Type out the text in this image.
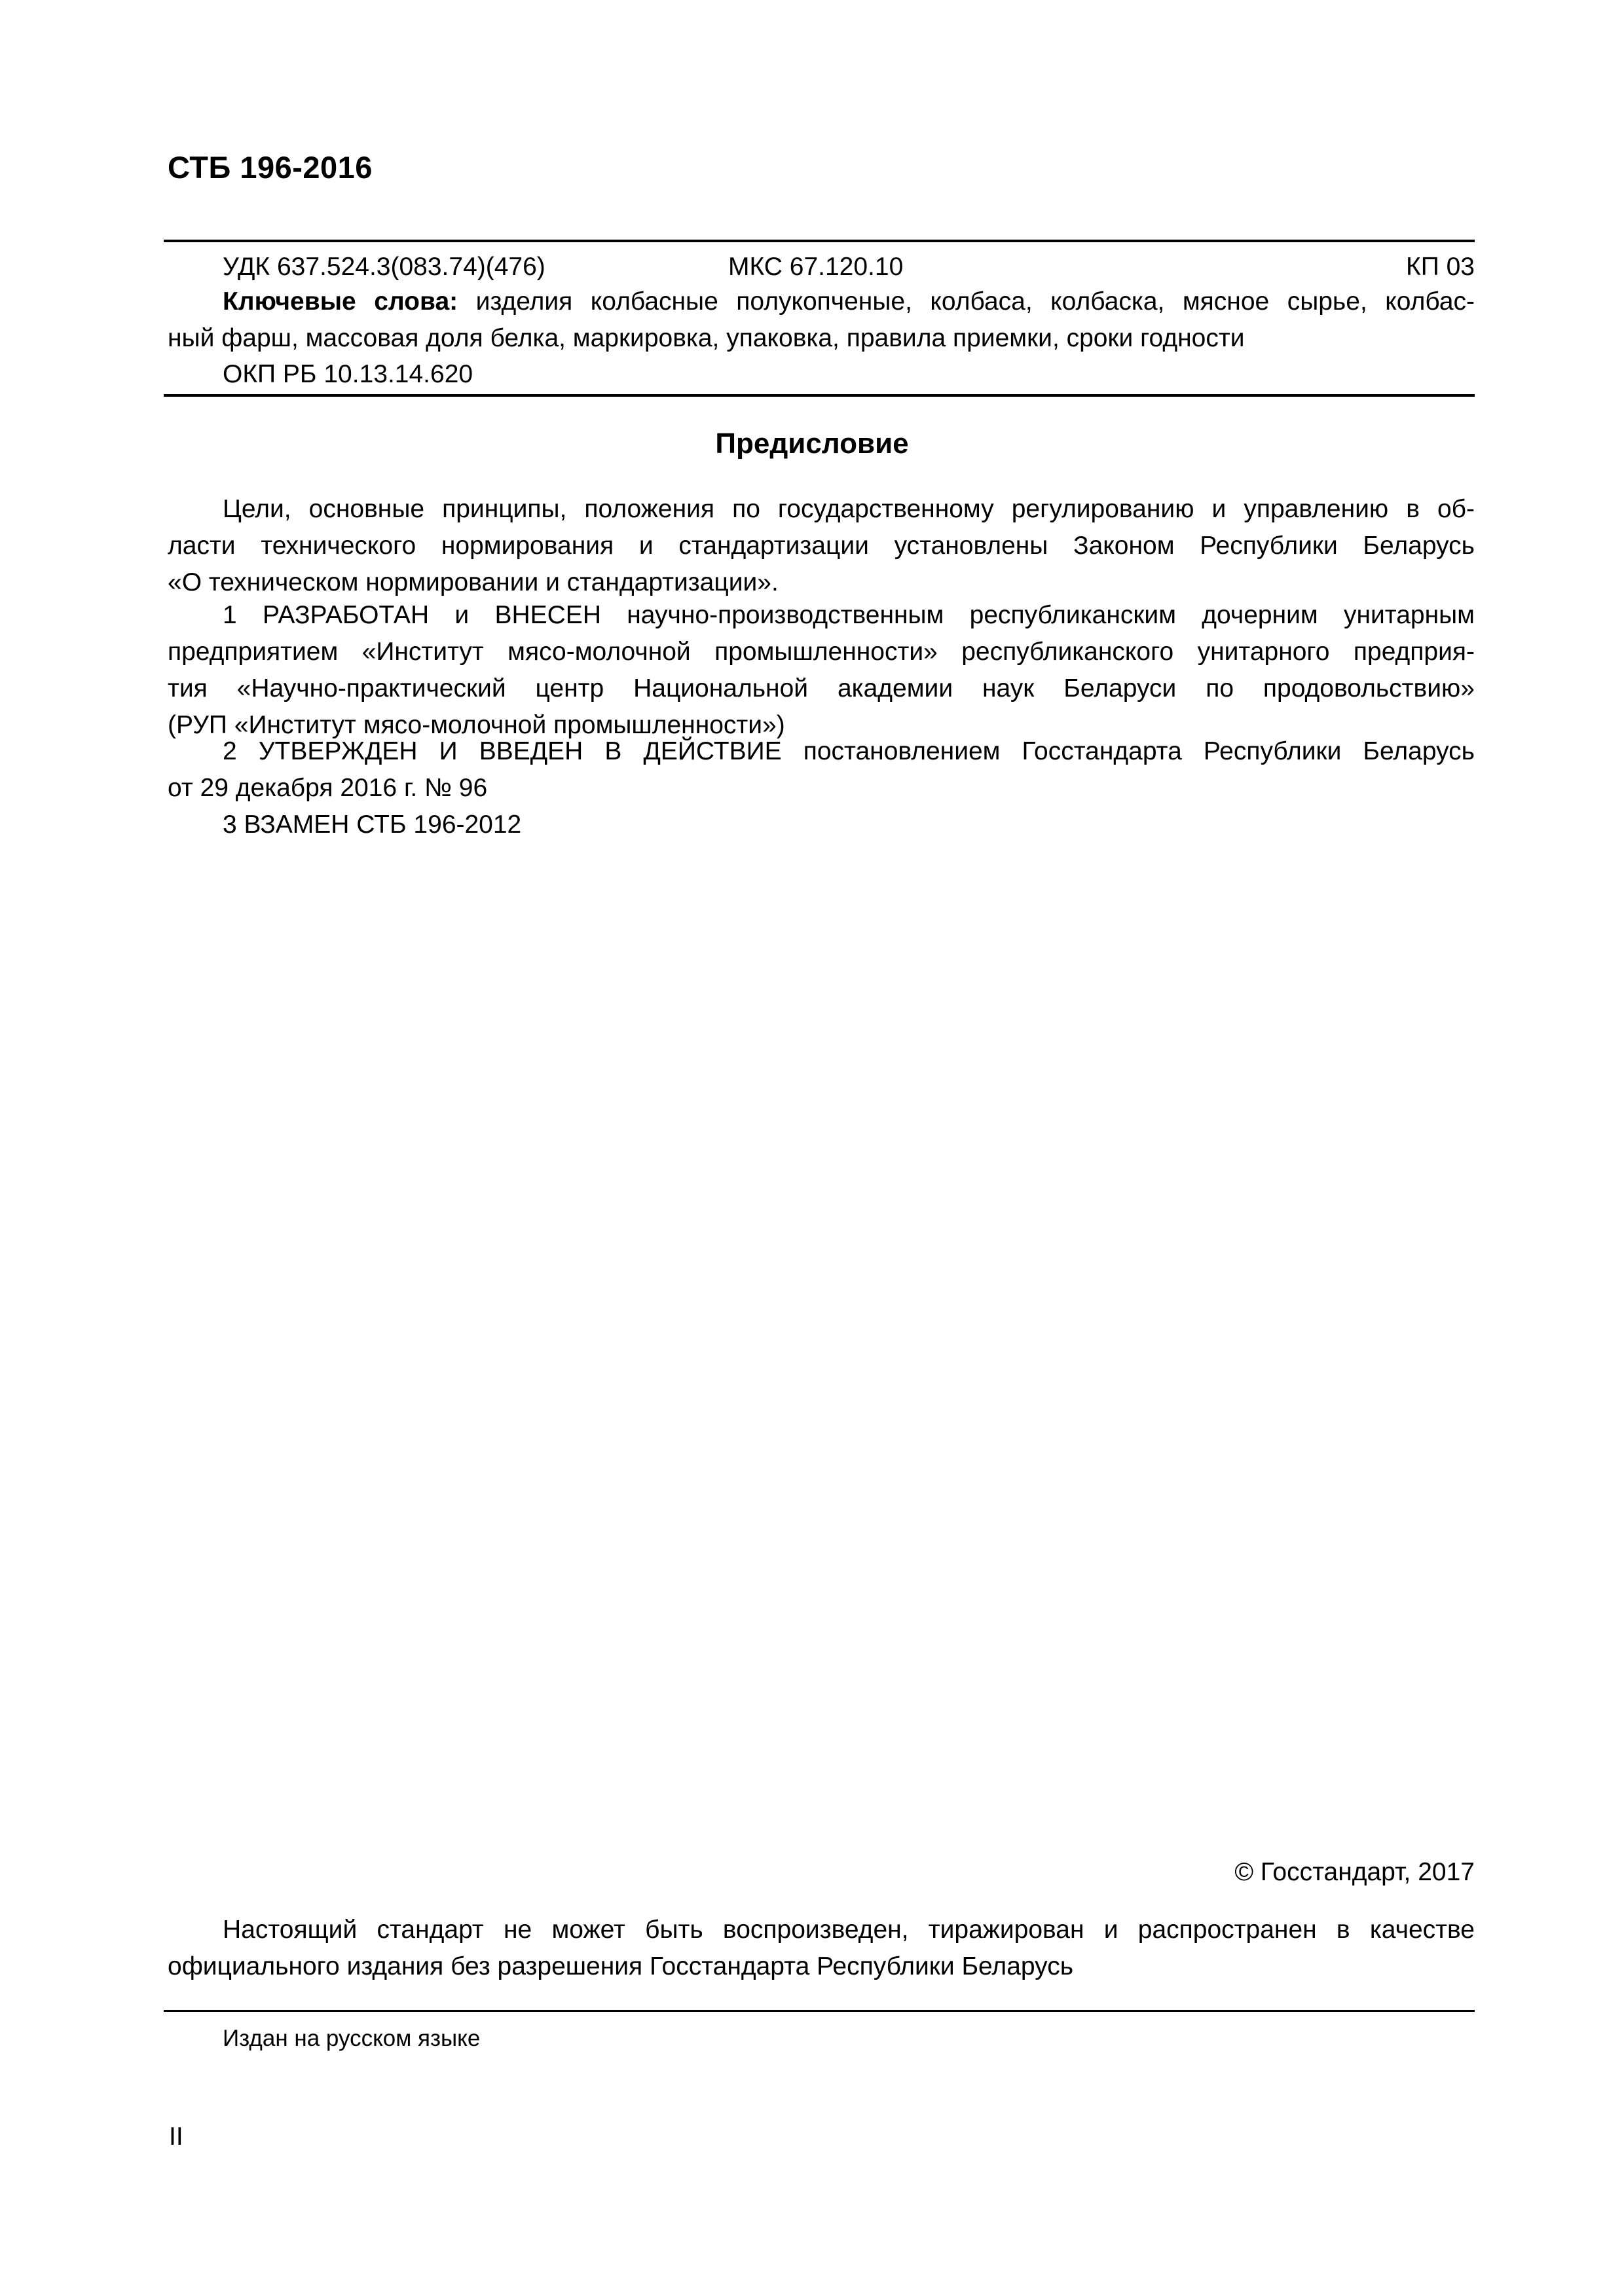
СТБ 196-2016
УДК 637.524.3(083.74)(476)	МКС 67.120.10	КП 03
Ключевые слова: изделия колбасные полукопченые, колбаса, колбаска, мясное сырье, колбас-
ный фарш, массовая доля белка, маркировка, упаковка, правила приемки, сроки годности
ОКП РБ 10.13.14.620
Предисловие
Цели, основные принципы, положения по государственному регулированию и управлению в об-
ласти технического нормирования и стандартизации установлены Законом Республики Беларусь
«О техническом нормировании и стандартизации».
1 РАЗРАБОТАН и ВНЕСЕН научно-производственным республиканским дочерним унитарным
предприятием «Институт мясо-молочной промышленности» республиканского унитарного предприя-
тия «Научно-практический центр Национальной академии наук Беларуси по продовольствию»
(РУП «Институт мясо-молочной промышленности»)
2 УТВЕРЖДЕН И ВВЕДЕН В ДЕЙСТВИЕ постановлением Госстандарта Республики Беларусь
от 29 декабря 2016 г. № 96
3 ВЗАМЕН СТБ 196-2012
© Госстандарт, 2017
Настоящий стандарт не может быть воспроизведен, тиражирован и распространен в качестве
официального издания без разрешения Госстандарта Республики Беларусь
Издан на русском языке
II
